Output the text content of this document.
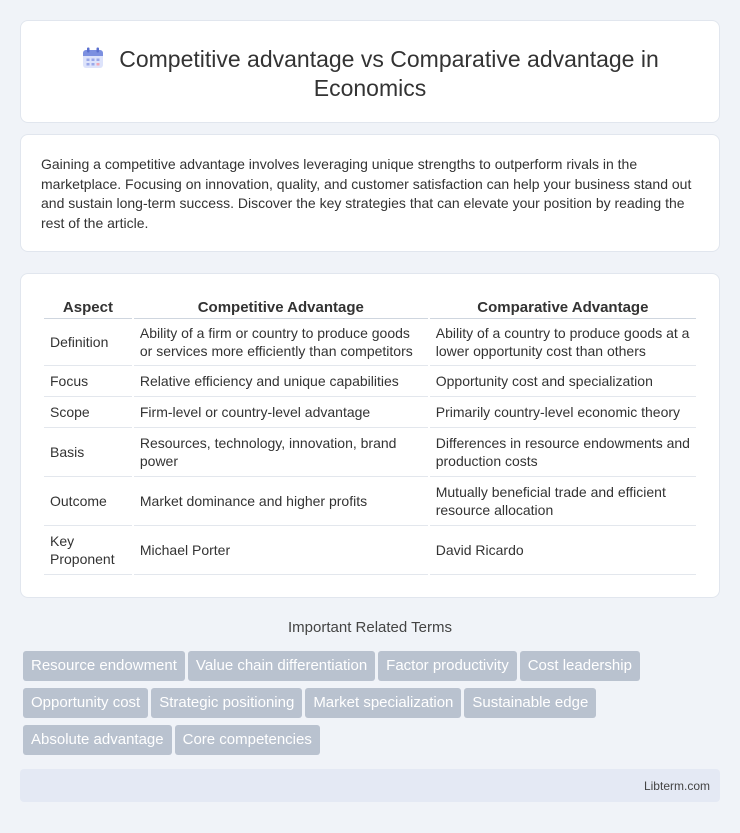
Competitive advantage vs Comparative advantage in Economics

Gaining a competitive advantage involves leveraging unique strengths to outperform rivals in the marketplace. Focusing on innovation, quality, and customer satisfaction can help your business stand out and sustain long-term success. Discover the key strategies that can elevate your position by reading the rest of the article.

Aspect	Competitive Advantage	Comparative Advantage
Definition	Ability of a firm or country to produce goods or services more efficiently than competitors	Ability of a country to produce goods at a lower opportunity cost than others
Focus	Relative efficiency and unique capabilities	Opportunity cost and specialization
Scope	Firm-level or country-level advantage	Primarily country-level economic theory
Basis	Resources, technology, innovation, brand power	Differences in resource endowments and production costs
Outcome	Market dominance and higher profits	Mutually beneficial trade and efficient resource allocation
Key Proponent	Michael Porter	David Ricardo
Important Related Terms
Resource endowment Value chain differentiation Factor productivity Cost leadership
Opportunity cost Strategic positioning Market specialization Sustainable edge
Absolute advantage Core competencies
Libterm.com
